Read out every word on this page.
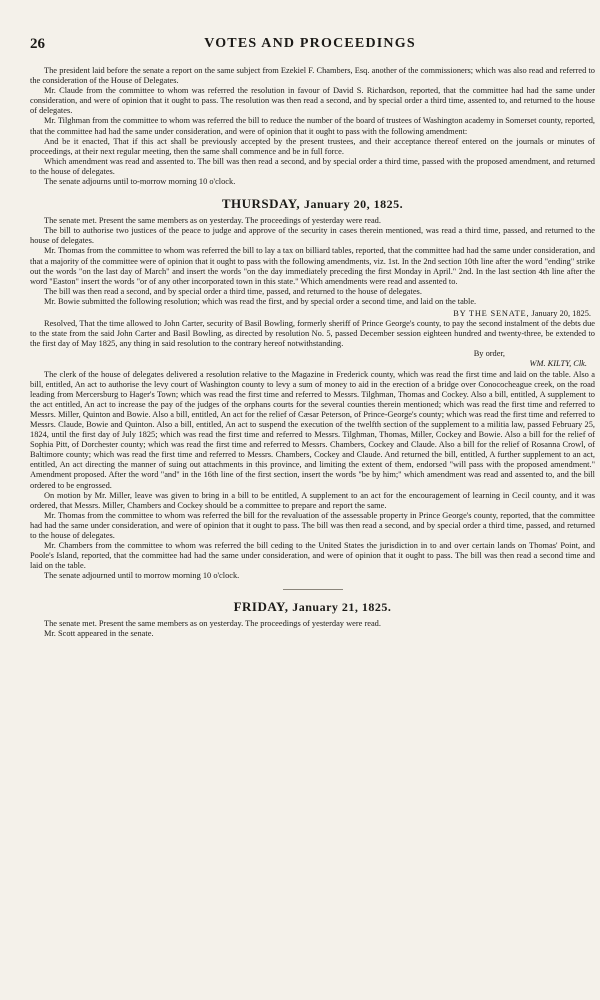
26	VOTES AND PROCEEDINGS

The president laid before the senate a report on the same subject from Ezekiel F. Chambers, Esq. another of the commissioners; which was also read and referred to the consideration of the House of Delegates.

Mr. Claude from the committee to whom was referred the resolution in favour of David S. Richardson, reported, that the committee had had the same under consideration, and were of opinion that it ought to pass. The resolution was then read a second, and by special order a third time, assented to, and returned to the house of delegates.

Mr. Tilghman from the committee to whom was referred the bill to reduce the number of the board of trustees of Washington academy in Somerset county, reported, that the committee had had the same under consideration, and were of opinion that it ought to pass with the following amendment:

And be it enacted, That if this act shall be previously accepted by the present trustees, and their acceptance thereof entered on the journals or minutes of proceedings, at their next regular meeting, then the same shall commence and be in full force.

Which amendment was read and assented to. The bill was then read a second, and by special order a third time, passed with the proposed amendment, and returned to the house of delegates.

The senate adjourns until to-morrow morning 10 o'clock.

THURSDAY, January 20, 1825.

The senate met. Present the same members as on yesterday. The proceedings of yesterday were read.

The bill to authorise two justices of the peace to judge and approve of the security in cases therein mentioned, was read a third time, passed, and returned to the house of delegates.

Mr. Thomas from the committee to whom was referred the bill to lay a tax on billiard tables, reported, that the committee had had the same under consideration, and that a majority of the committee were of opinion that it ought to pass with the following amendments, viz. 1st. In the 2nd section 10th line after the word "ending" strike out the words "on the last day of March" and insert the words "on the day immediately preceding the first Monday in April." 2nd. In the last section 4th line after the word "Easton" insert the words "or of any other incorporated town in this state." Which amendments were read and assented to.

The bill was then read a second, and by special order a third time, passed, and returned to the house of delegates.

Mr. Bowie submitted the following resolution; which was read the first, and by special order a second time, and laid on the table.

BY THE SENATE, January 20, 1825.

Resolved, That the time allowed to John Carter, security of Basil Bowling, formerly sheriff of Prince George's county, to pay the second instalment of the debts due to the state from the said John Carter and Basil Bowling, as directed by resolution No. 5, passed December session eighteen hundred and twenty-three, be extended to the first day of May 1825, any thing in said resolution to the contrary hereof notwithstanding.

By order,
WM. KILTY, Clk.

The clerk of the house of delegates delivered a resolution relative to the Magazine in Frederick county, which was read the first time and laid on the table. Also a bill, entitled, An act to authorise the levy court of Washington county to levy a sum of money to aid in the erection of a bridge over Conococheague creek, on the road leading from Mercersburg to Hager's Town; which was read the first time and referred to Messrs. Tilghman, Thomas and Cockey. Also a bill, entitled, A supplement to the act entitled, An act to increase the pay of the judges of the orphans courts for the several counties therein mentioned; which was read the first time and referred to Messrs. Miller, Quinton and Bowie. Also a bill, entitled, An act for the relief of Cæsar Peterson, of Prince-George's county; which was read the first time and referred to Messrs. Claude, Bowie and Quinton. Also a bill, entitled, An act to suspend the execution of the twelfth section of the supplement to a militia law, passed February 25, 1824, until the first day of July 1825; which was read the first time and referred to Messrs. Tilghman, Thomas, Miller, Cockey and Bowie. Also a bill for the relief of Sophia Pitt, of Dorchester county; which was read the first time and referred to Messrs. Chambers, Cockey and Claude. Also a bill for the relief of Rosanna Crowl, of Baltimore county; which was read the first time and referred to Messrs. Chambers, Cockey and Claude. And returned the bill, entitled, A further supplement to an act, entitled, An act directing the manner of suing out attachments in this province, and limiting the extent of them, endorsed "will pass with the proposed amendment." Amendment proposed. After the word "and" in the 16th line of the first section, insert the words "be by him;" which amendment was read and assented to, and the bill ordered to be engrossed.

On motion by Mr. Miller, leave was given to bring in a bill to be entitled, A supplement to an act for the encouragement of learning in Cecil county, and it was ordered, that Messrs. Miller, Chambers and Cockey should be a committee to prepare and report the same.

Mr. Thomas from the committee to whom was referred the bill for the revaluation of the assessable property in Prince George's county, reported, that the committee had had the same under consideration, and were of opinion that it ought to pass. The bill was then read a second, and by special order a third time, passed, and returned to the house of delegates.

Mr. Chambers from the committee to whom was referred the bill ceding to the United States the jurisdiction in to and over certain lands on Thomas' Point, and Poole's Island, reported, that the committee had had the same under consideration, and were of opinion that it ought to pass. The bill was then read a second time and laid on the table.

The senate adjourned until to morrow morning 10 o'clock.

FRIDAY, January 21, 1825.

The senate met. Present the same members as on yesterday. The proceedings of yesterday were read.

Mr. Scott appeared in the senate.
